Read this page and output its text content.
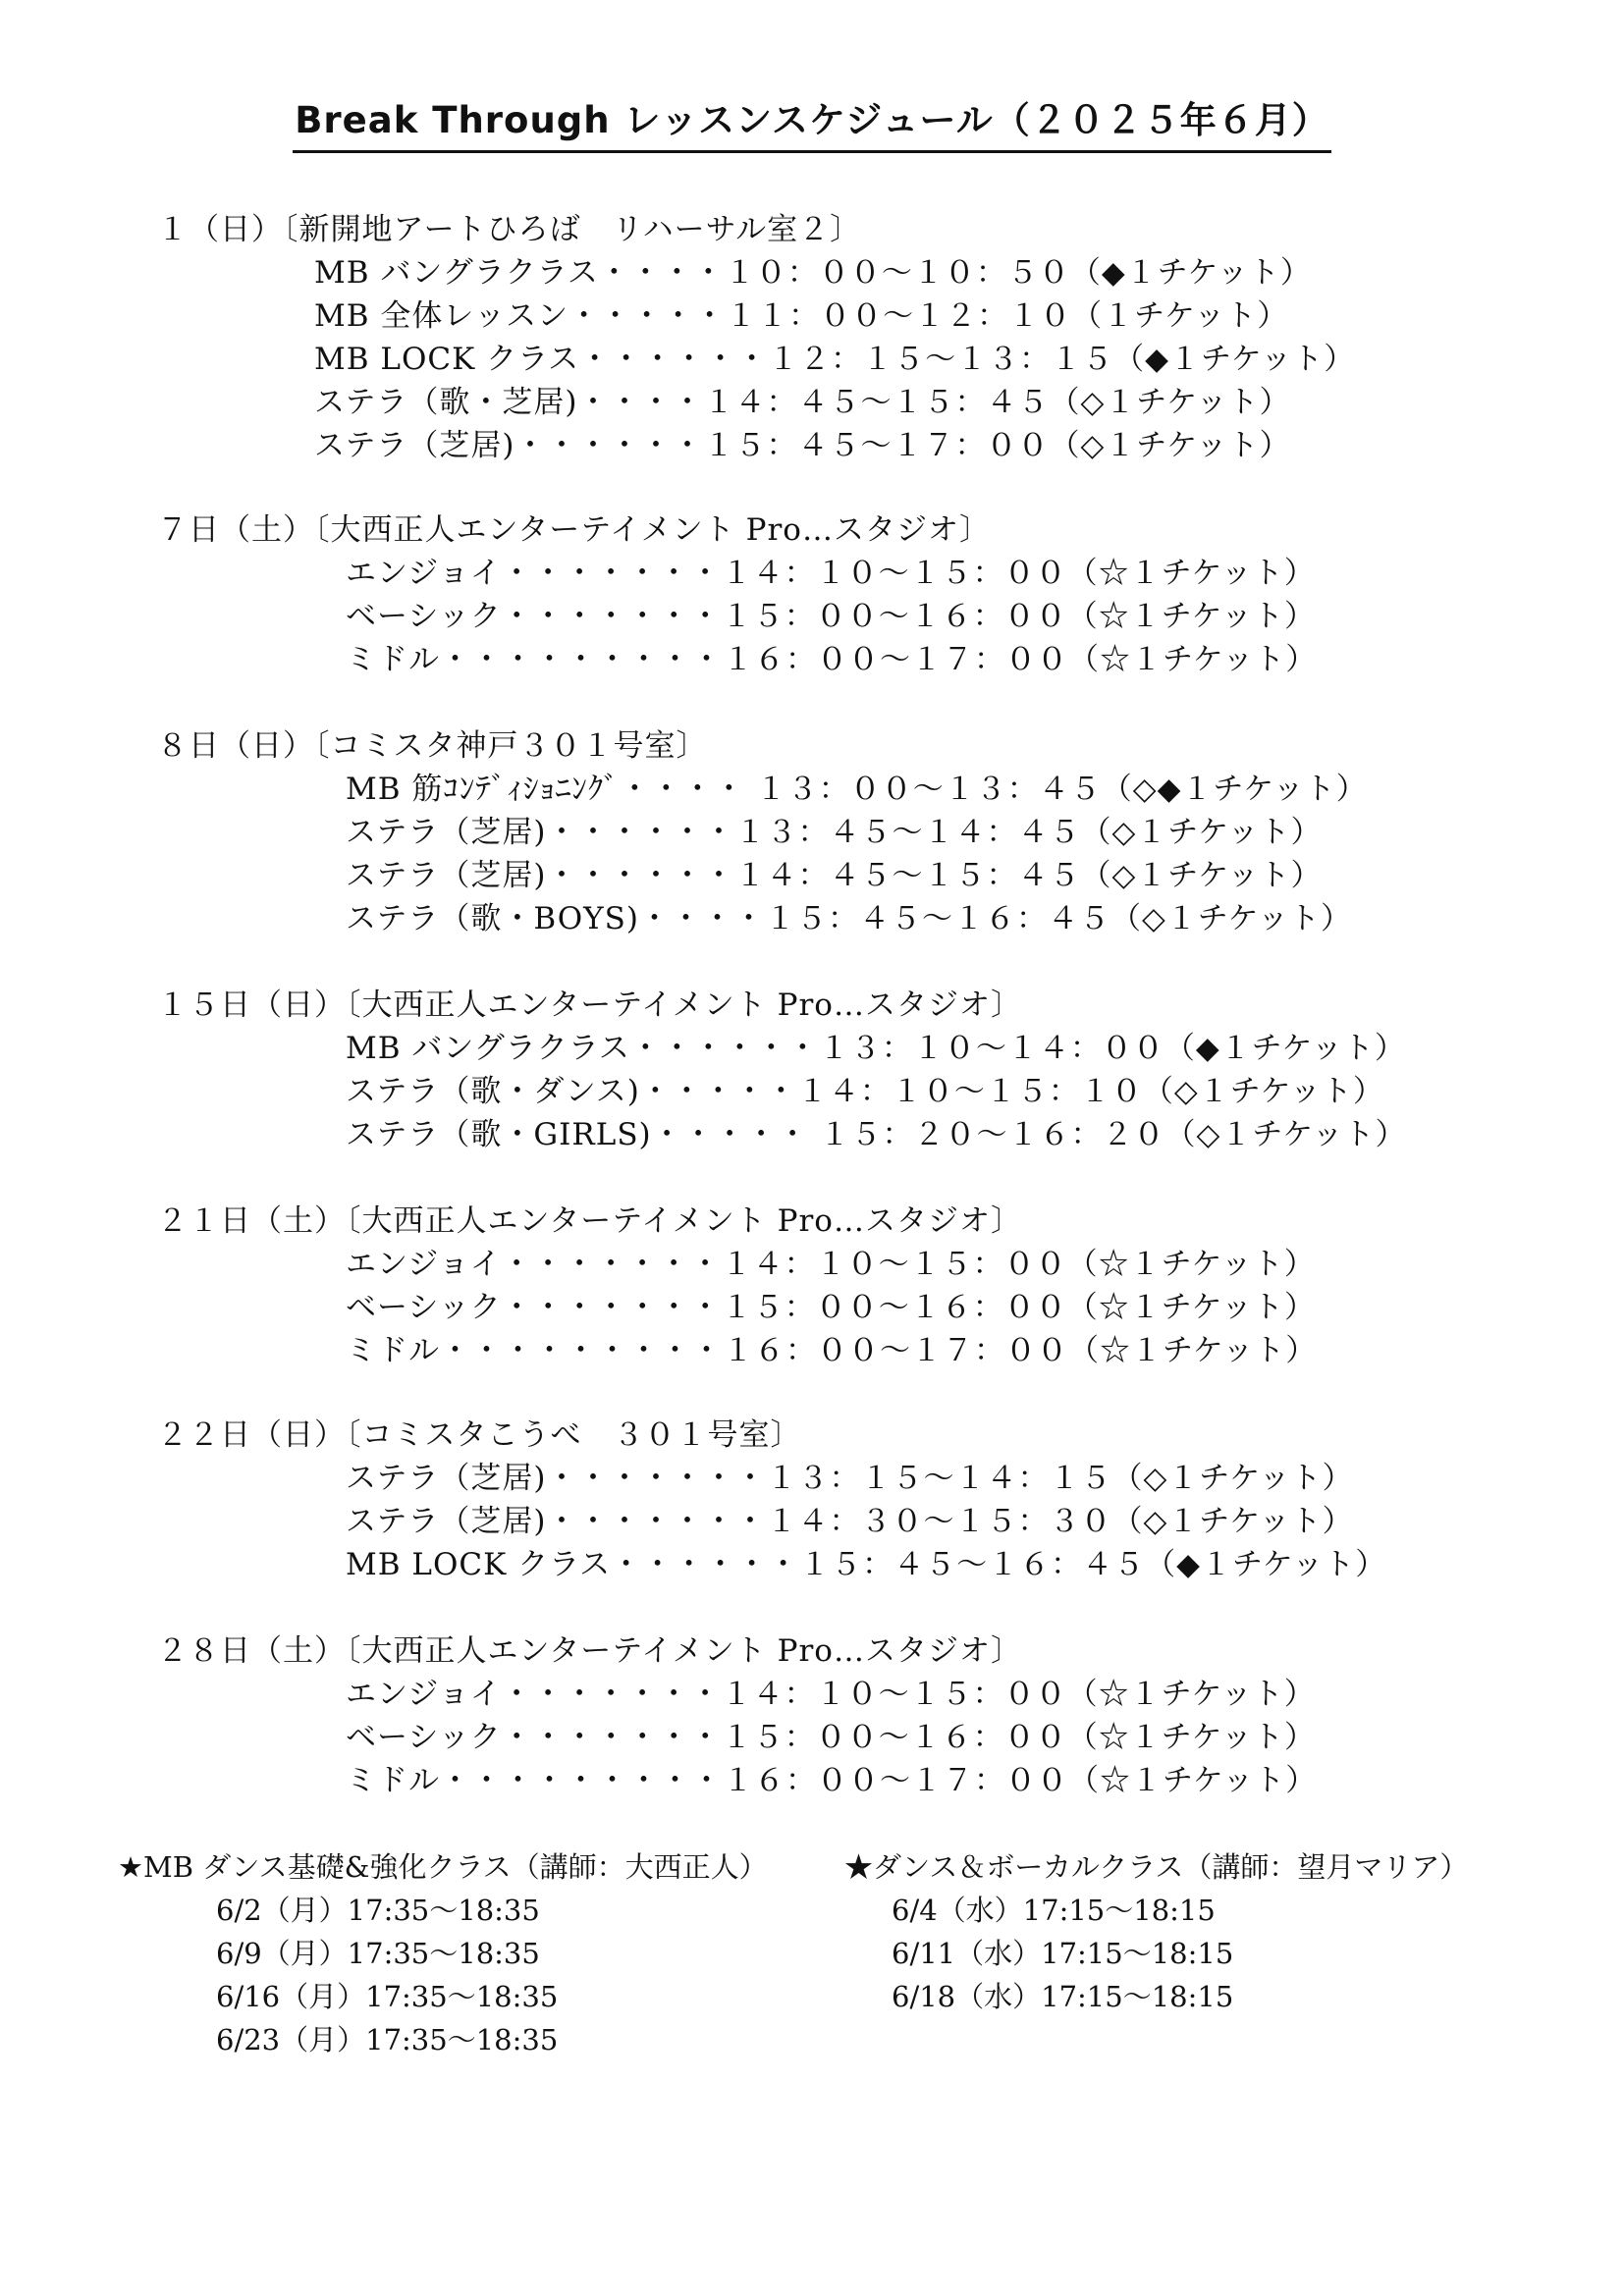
Break Through レッスンスケジュール（２０２５年６月）
１（日）〔新開地アートひろば　リハーサル室２〕
MB バングラクラス・・・・１０：００〜１０：５０（◆１チケット）
MB 全体レッスン・・・・・１１：００〜１２：１０（１チケット）
MB LOCK クラス・・・・・・１２：１５〜１３：１５（◆１チケット）
ステラ（歌・芝居)・・・・１４：４５〜１５：４５（◇１チケット）
ステラ（芝居)・・・・・・１５：４５〜１７：００（◇１チケット）
７日（土）〔大西正人エンターテイメント Pro…スタジオ〕
エンジョイ・・・・・・・１４：１０〜１５：００（☆１チケット）
ベーシック・・・・・・・１５：００〜１６：００（☆１チケット）
ミドル・・・・・・・・・１６：００〜１７：００（☆１チケット）
８日（日）〔コミスタ神戸３０１号室〕
MB 筋ｺﾝﾃﾞｨｼｮﾆﾝｸﾞ・・・・ １３：００〜１３：４５（◇◆１チケット）
ステラ（芝居)・・・・・・１３：４５〜１４：４５（◇１チケット）
ステラ（芝居)・・・・・・１４：４５〜１５：４５（◇１チケット）
ステラ（歌・BOYS)・・・・１５：４５〜１６：４５（◇１チケット）
１５日（日）〔大西正人エンターテイメント Pro…スタジオ〕
MB バングラクラス・・・・・・１３：１０〜１４：００（◆１チケット）
ステラ（歌・ダンス)・・・・・１４：１０〜１５：１０（◇１チケット）
ステラ（歌・GIRLS)・・・・・ １５：２０〜１６：２０（◇１チケット）
２１日（土）〔大西正人エンターテイメント Pro…スタジオ〕
エンジョイ・・・・・・・１４：１０〜１５：００（☆１チケット）
ベーシック・・・・・・・１５：００〜１６：００（☆１チケット）
ミドル・・・・・・・・・１６：００〜１７：００（☆１チケット）
２２日（日）〔コミスタこうべ　３０１号室〕
ステラ（芝居)・・・・・・・１３：１５〜１４：１５（◇１チケット）
ステラ（芝居)・・・・・・・１４：３０〜１５：３０（◇１チケット）
MB LOCK クラス・・・・・・１５：４５〜１６：４５（◆１チケット）
２８日（土）〔大西正人エンターテイメント Pro…スタジオ〕
エンジョイ・・・・・・・１４：１０〜１５：００（☆１チケット）
ベーシック・・・・・・・１５：００〜１６：００（☆１チケット）
ミドル・・・・・・・・・１６：００〜１７：００（☆１チケット）
★MB ダンス基礎&強化クラス（講師：大西正人）
6/2（月）17:35〜18:35
6/9（月）17:35〜18:35
6/16（月）17:35〜18:35
6/23（月）17:35〜18:35
★ダンス＆ボーカルクラス（講師：望月マリア）
6/4（水）17:15〜18:15
6/11（水）17:15〜18:15
6/18（水）17:15〜18:15
